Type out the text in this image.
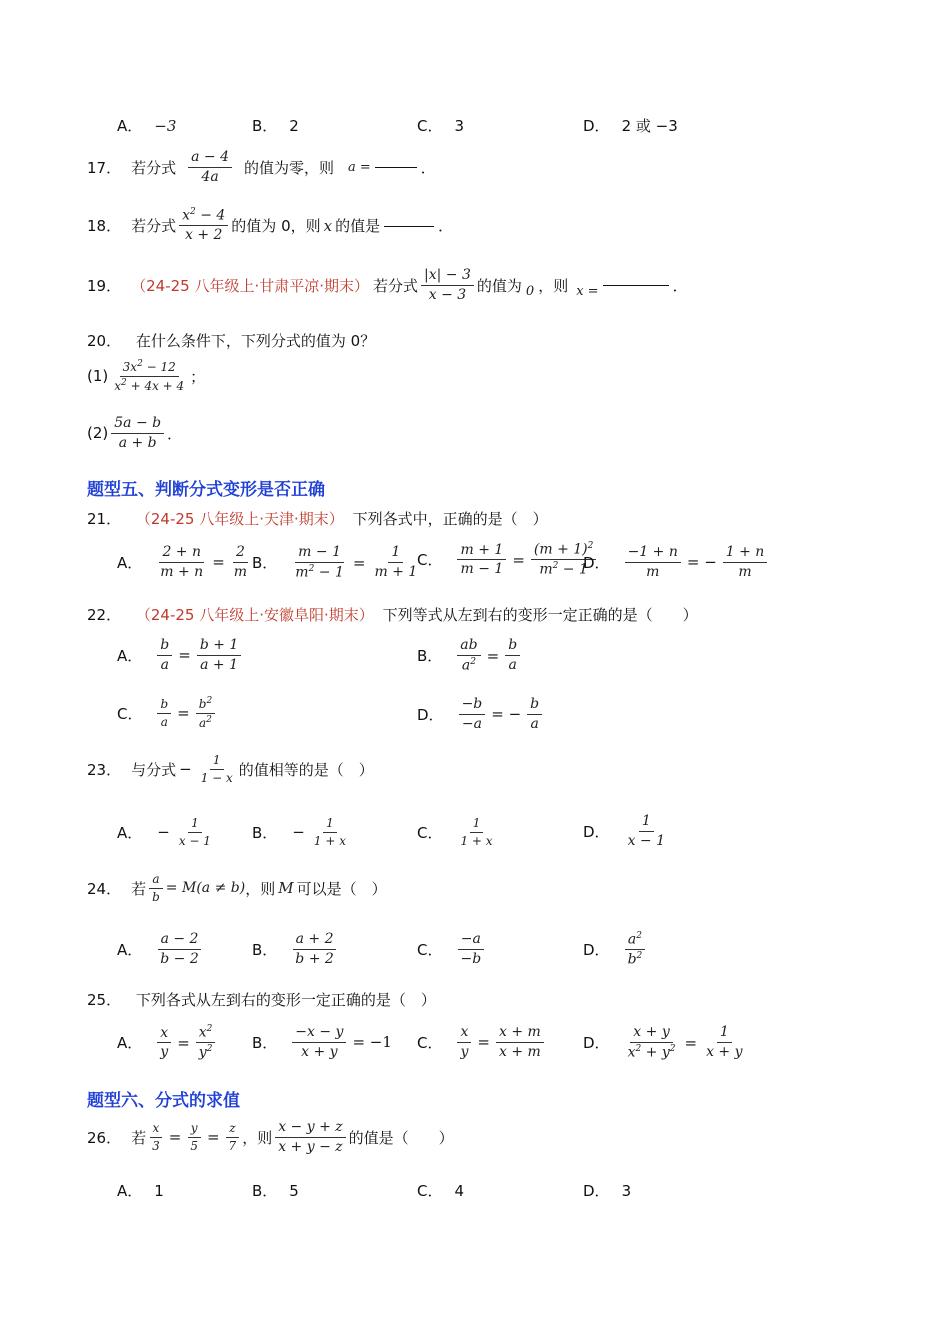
A． −3	B． 2	C． 3	D． 2 或 −3
17． 若分式 $\frac{a - 4}{4a}$ 的值为零，则 a =	．
18． 若分式 $\frac{x^2 - 4}{x + 2}$ 的值为 0，则 x 的值是	．
19． （24-25 八年级上·甘肃平凉·期末） 若分式 $\frac{|x| - 3}{x - 3}$ 的值为 0 ，则 x =	．
20． 在什么条件下，下列分式的值为 0？
$(1) \frac{3x^2 - 12}{x^2 + 4x + 4}$ ；
$(2) \frac{5a - b}{a + b}$ ．
题型五、判断分式变形是否正确
21． （24-25 八年级上·天津·期末） 下列各式中，正确的是（　）
A． $\frac{2 + n}{m + n} = \frac{2}{m}$ B． $\frac{m - 1}{m^2 - 1} = \frac{1}{m + 1}$
C． $\frac{m + 1}{m - 1} = \frac{(m + 1)^2}{m^2 - 1}$
D． $\frac{-1 + n}{m}$ = − $\frac{1 + n}{m}$
22． （24-25 八年级上·安徽阜阳·期末） 下列等式从左到右的变形一定正确的是（　　）
A． $\frac{b}{a} = \frac{b + 1}{a + 1}$	B． $\frac{ab}{a^2} = \frac{b}{a}$
C． $\frac{b}{a} = \frac{b^2}{a^2}$	D． $\frac{-b}{-a}$ = − $\frac{b}{a}$
23． 与分式 − $\frac{1}{1 - x}$ 的值相等的是（　）
A． − $\frac{1}{x - 1}$	B． − $\frac{1}{1 + x}$	C． $\frac{1}{1 + x}$	D． $\frac{1}{x - 1}$
24． 若 $\frac{a}{b} = M(a \ne b)$ ，则 M 可以是（　）
A． $\frac{a - 2}{b - 2}$	B． $\frac{a + 2}{b + 2}$	C． $\frac{-a}{-b}$	D． $\frac{a^2}{b^2}$
25． 下列各式从左到右的变形一定正确的是（　）
A． $\frac{x}{y} = \frac{x^2}{y^2}$ B． $\frac{-x - y}{x + y} = -1$ C． $\frac{x}{y} = \frac{x + m}{x + m}$	D． $\frac{x + y}{x^2 + y^2} = \frac{1}{x + y}$
题型六、分式的求值
26． 若 $\frac{x}{3} = \frac{y}{5} = \frac{z}{7}$ ，则 $\frac{x - y + z}{x + y - z}$ 的值是（　　）
A． 1	B． 5	C． 4	D． 3
